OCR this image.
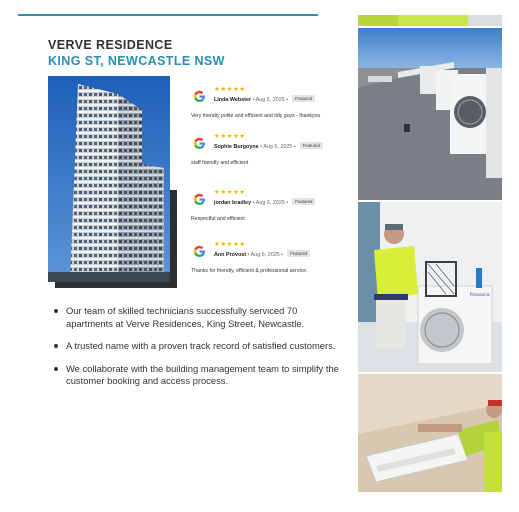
VERVE RESIDENCE
KING ST, NEWCASTLE NSW
★★★★★
Linda Webster • Aug 5, 2025 • Featured
Very friendly polite and efficient and tidy guys - thankyou
★★★★★
Sophie Burgoyne • Aug 5, 2025 • Featured
staff friendly and efficient
★★★★★
jordan bradley • Aug 6, 2025 • Featured
Respectful and efficient
★★★★★
Ann Provost • Aug 6, 2025 • Featured
Thanks for friendly, efficient & professional service.
Our team of skilled technicians successfully serviced 70 apartments at Verve Residences, King Street, Newcastle.
A trusted name with a proven track record of satisfied customers.
We collaborate with the building management team to simplify the customer booking and access process.
Panasonic
